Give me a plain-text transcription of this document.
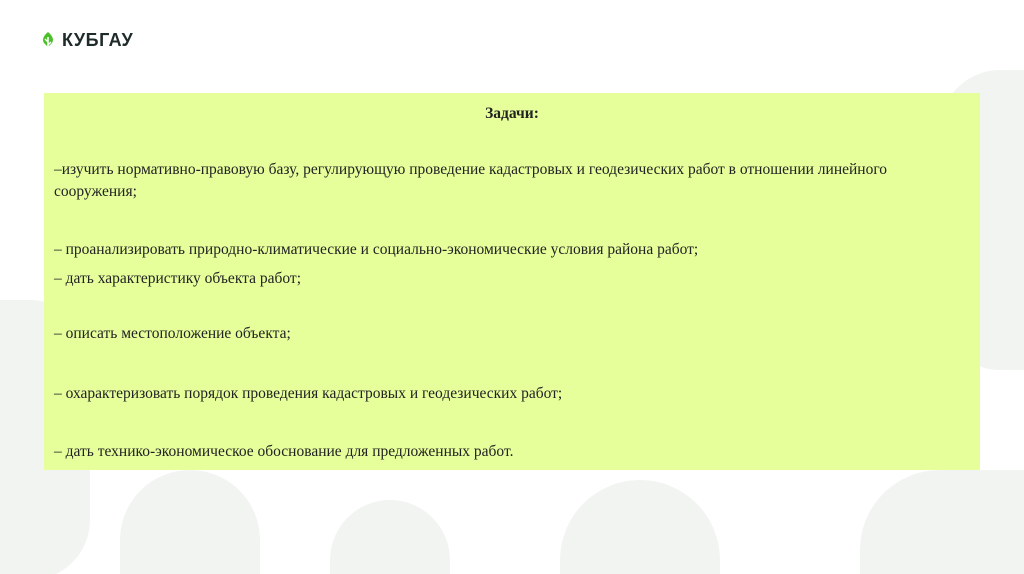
КУБГАУ

Задачи:

–изучить нормативно-правовую базу, регулирующую проведение кадастровых и геодезических работ в отношении линейного сооружения;

– проанализировать природно-климатические и социально-экономические условия района работ;

– дать характеристику объекта работ;

– описать местоположение объекта;

– охарактеризовать порядок проведения кадастровых и геодезических работ;

– дать технико-экономическое обоснование для предложенных работ.
